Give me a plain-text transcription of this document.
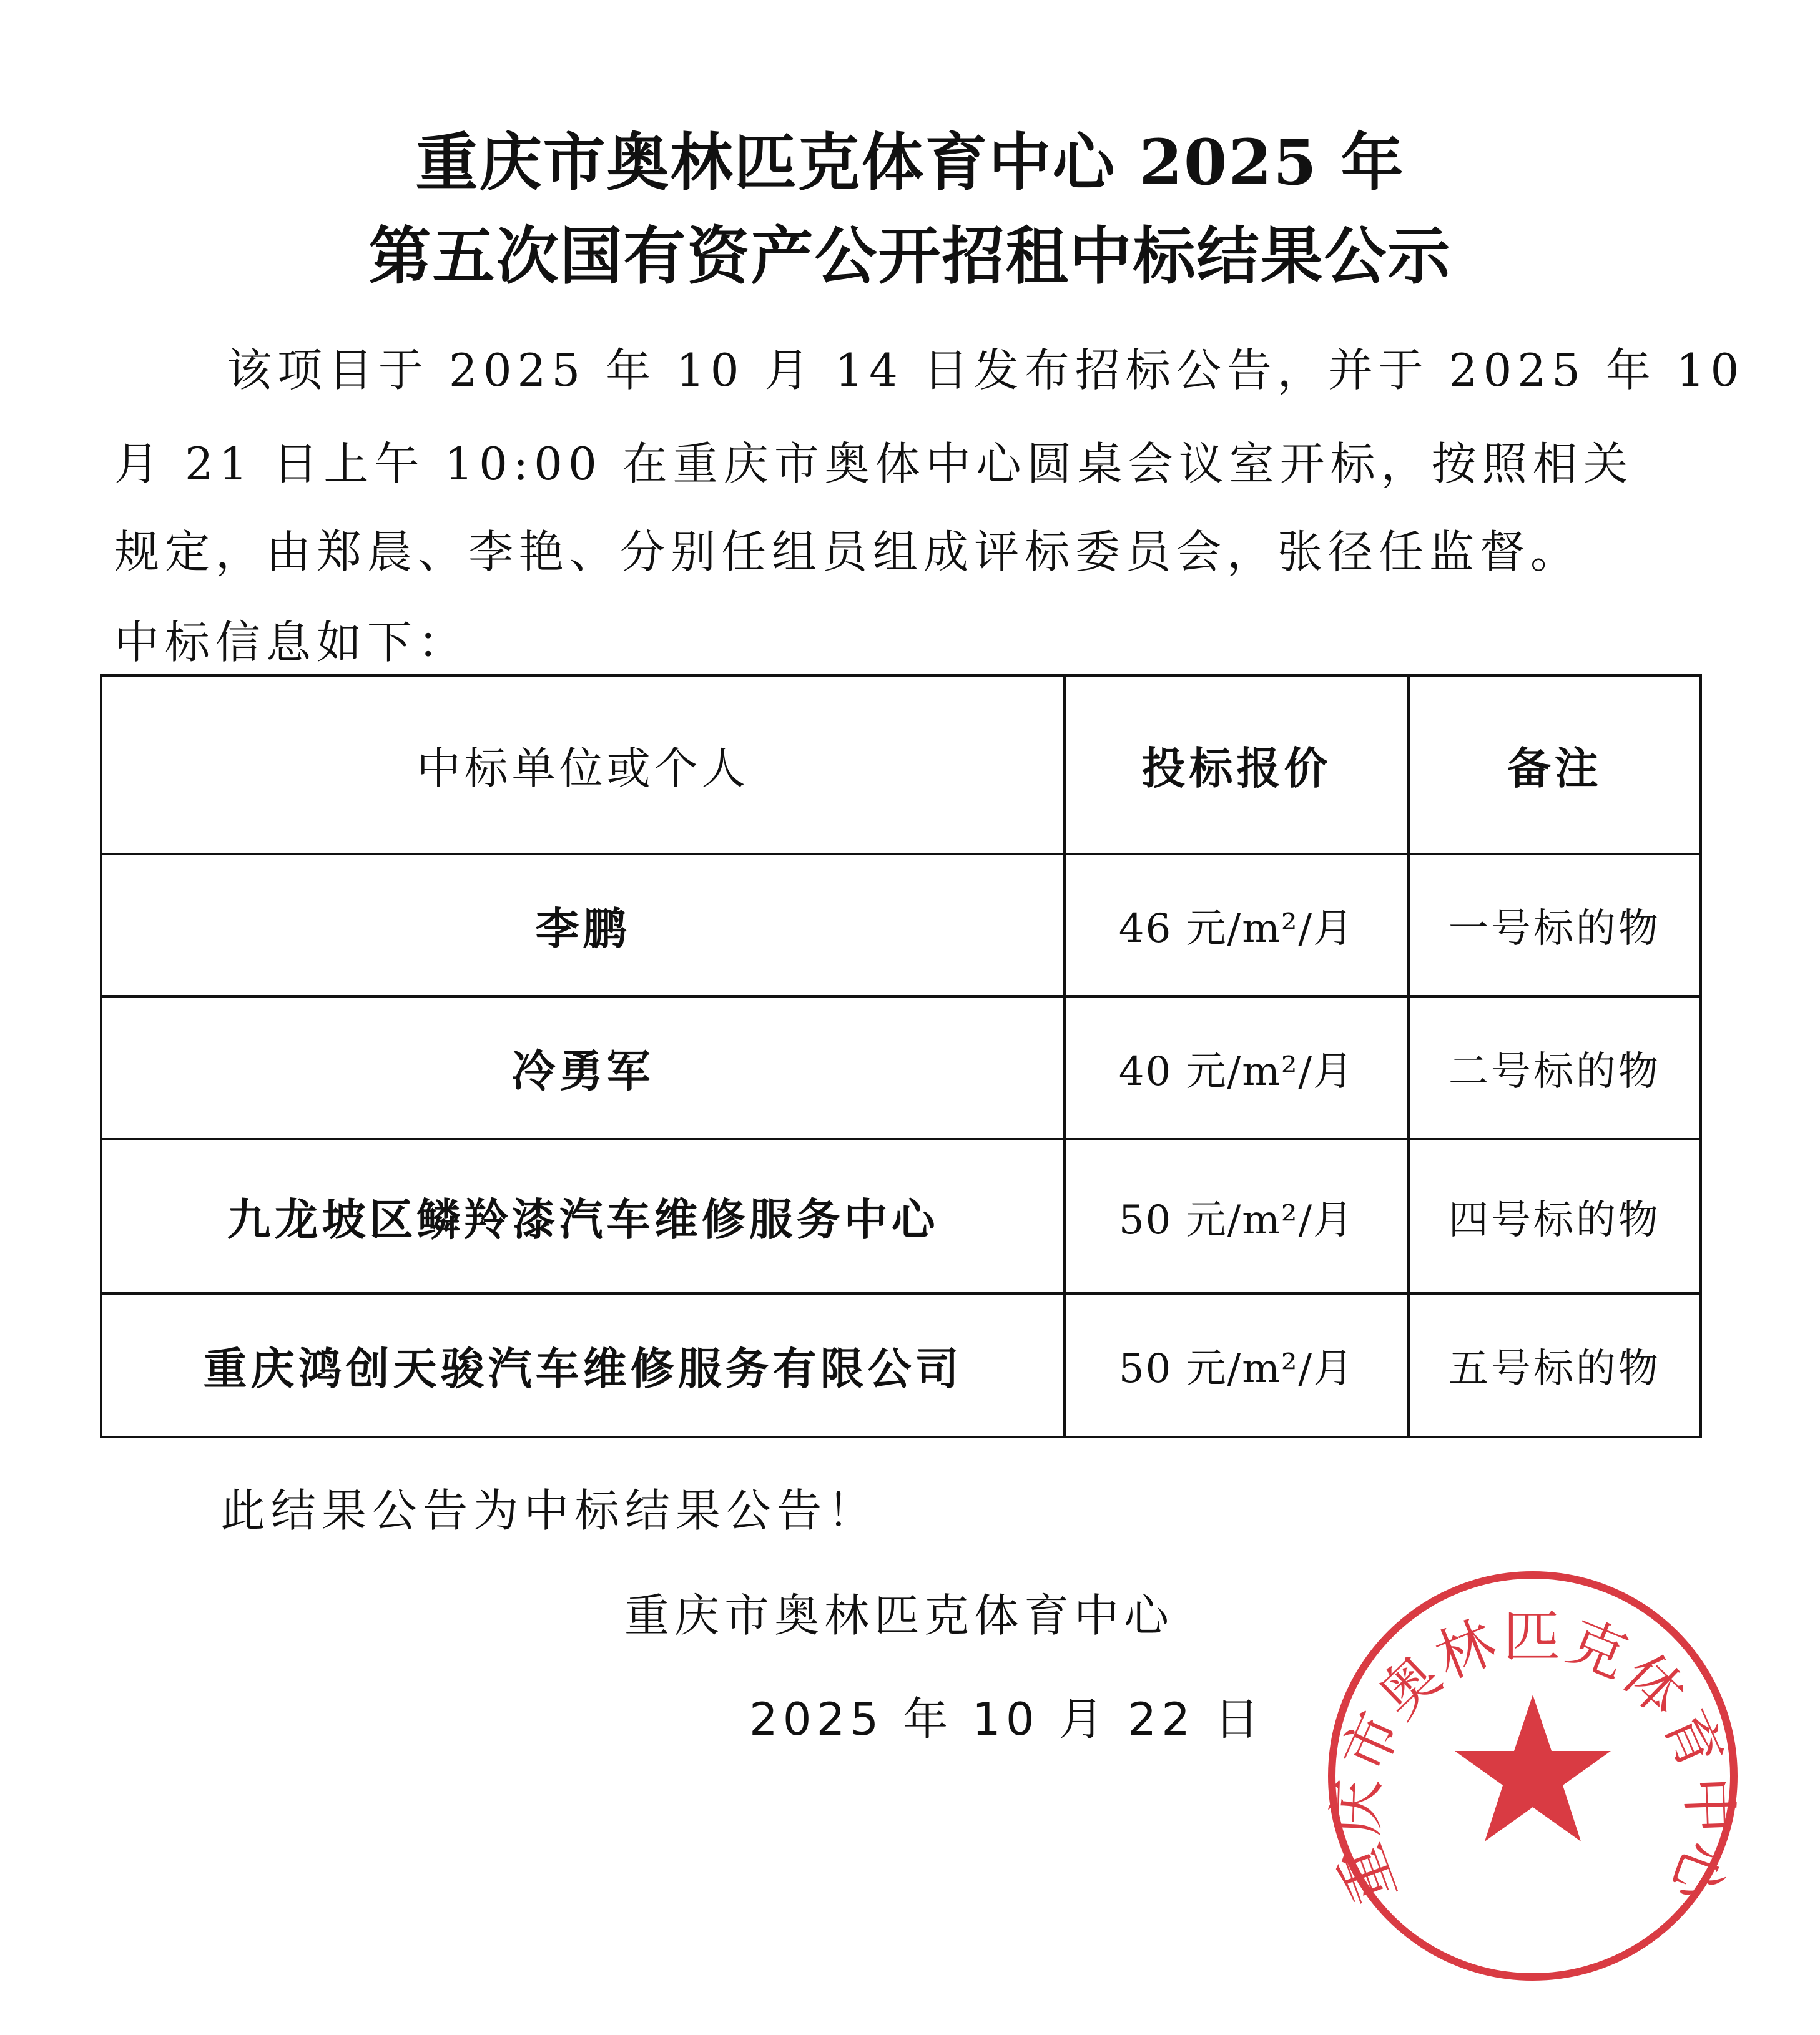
重庆市奥林匹克体育中心 2025 年
第五次国有资产公开招租中标结果公示
该项目于 2025 年 10 月 14 日发布招标公告，并于 2025 年 10
月 21 日上午 10:00 在重庆市奥体中心圆桌会议室开标，按照相关
规定，由郑晨、李艳、分别任组员组成评标委员会，张径任监督。
中标信息如下：
中标单位或个人	投标报价	备注
李鹏	46 元/m²/月	一号标的物
冷勇军	40 元/m²/月	二号标的物
九龙坡区鳞羚漆汽车维修服务中心	50 元/m²/月	四号标的物
重庆鸿创天骏汽车维修服务有限公司	50 元/m²/月	五号标的物
此结果公告为中标结果公告！
重庆市奥林匹克体育中心
2025 年 10 月 22 日
重庆市奥林匹克体育中心
